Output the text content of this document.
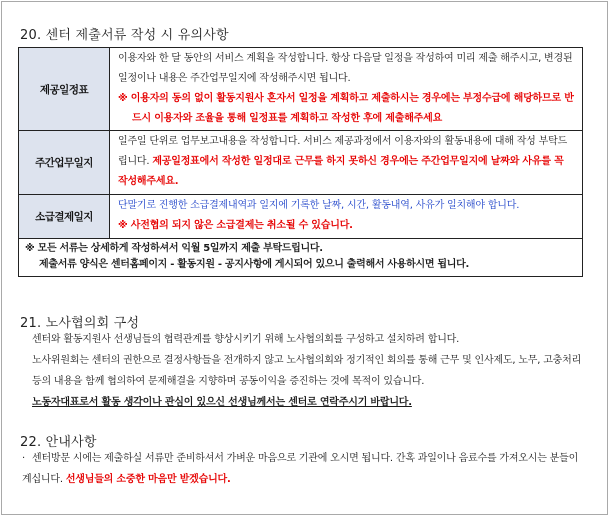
20. 센터 제출서류 작성 시 유의사항
제공일정표	이용자와 한 달 동안의 서비스 계획을 작성합니다. 항상 다음달 일정을 작성하여 미리 제출 해주시고, 변경된 일정이나 내용은 주간업무일지에 작성해주시면 됩니다.
※ 이용자의 동의 없이 활동지원사 혼자서 일정을 계획하고 제출하시는 경우에는 부정수급에 해당하므로 반드시 이용자와 조율을 통해 일정표를 계획하고 작성한 후에 제출해주세요

주간업무일지	일주일 단위로 업무보고내용을 작성합니다. 서비스 제공과정에서 이용자와의 활동내용에 대해 작성 부탁드립니다. 제공일정표에서 작성한 일정대로 근무를 하지 못하신 경우에는 주간업무일지에 날짜와 사유를 꼭 작성해주세요.
소급결제일지	단말기로 진행한 소급결제내역과 일지에 기록한 날짜, 시간, 활동내역, 사유가 일치해야 합니다.
※ 사전협의 되지 않은 소급결제는 취소될 수 있습니다.

※ 모든 서류는 상세하게 작성하셔서 익월 5일까지 제출 부탁드립니다.
제출서류 양식은 센터홈페이지 - 활동지원 - 공지사항에 게시되어 있으니 출력해서 사용하시면 됩니다.	
21. 노사협의회 구성
센터와 활동지원사 선생님들의 협력관계를 향상시키기 위해 노사협의회를 구성하고 설치하려 합니다.
노사위원회는 센터의 권한으로 결정사항들을 전개하지 않고 노사협의회와 정기적인 회의를 통해 근무 및 인사제도, 노무, 고충처리 등의 내용을 함께 협의하여 문제해결을 지향하며 공동이익을 증진하는 것에 목적이 있습니다.
노동자대표로서 활동 생각이나 관심이 있으신 선생님께서는 센터로 연락주시기 바랍니다.
22. 안내사항
· 센터방문 시에는 제출하실 서류만 준비하셔서 가벼운 마음으로 기관에 오시면 됩니다. 간혹 과일이나 음료수를 가져오시는 분들이 계십니다. 선생님들의 소중한 마음만 받겠습니다.
